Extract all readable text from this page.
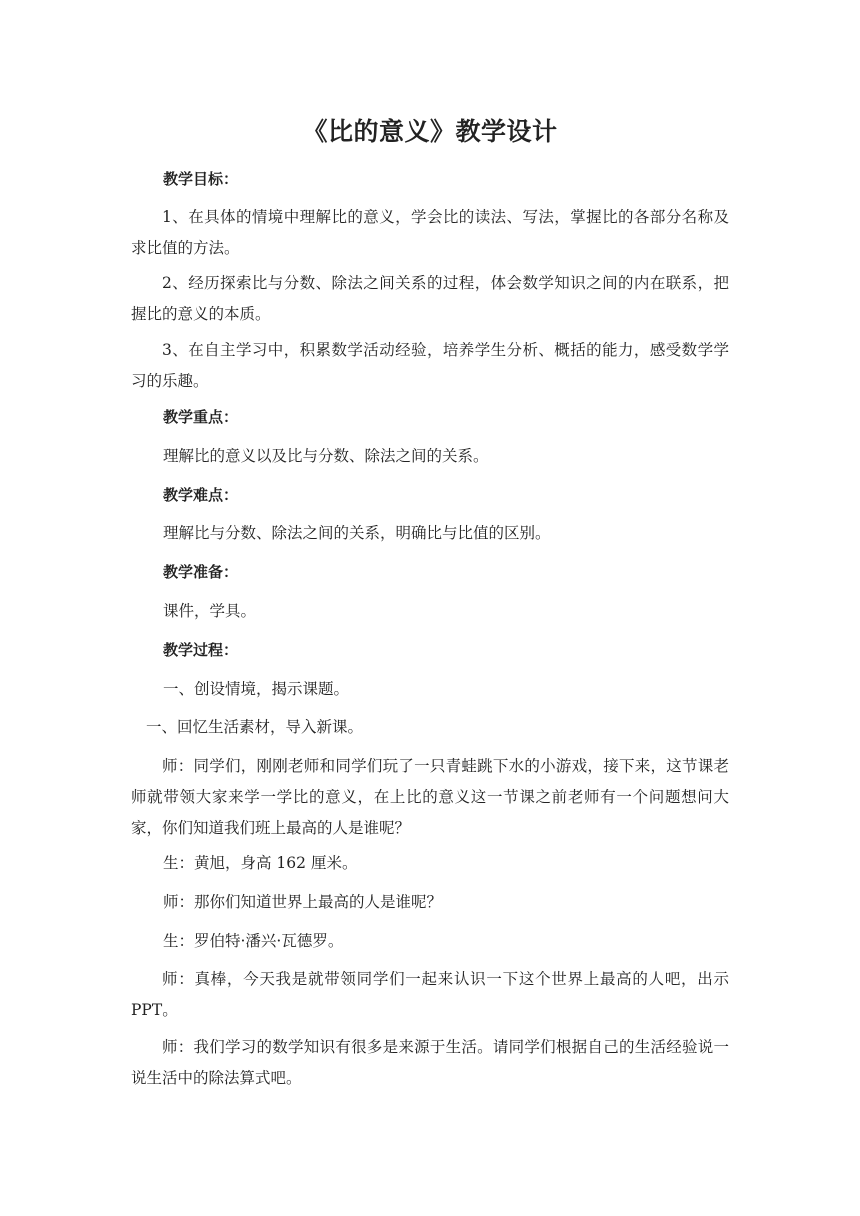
《比的意义》教学设计

教学目标：

1、在具体的情境中理解比的意义，学会比的读法、写法，掌握比的各部分名称及求比值的方法。

2、经历探索比与分数、除法之间关系的过程，体会数学知识之间的内在联系，把握比的意义的本质。

3、在自主学习中，积累数学活动经验，培养学生分析、概括的能力，感受数学学习的乐趣。

教学重点：

理解比的意义以及比与分数、除法之间的关系。

教学难点：

理解比与分数、除法之间的关系，明确比与比值的区别。

教学准备：

课件，学具。

教学过程：

一、创设情境，揭示课题。

一、回忆生活素材，导入新课。

师：同学们，刚刚老师和同学们玩了一只青蛙跳下水的小游戏，接下来，这节课老师就带领大家来学一学比的意义，在上比的意义这一节课之前老师有一个问题想问大家，你们知道我们班上最高的人是谁呢？

生：黄旭，身高 162 厘米。

师：那你们知道世界上最高的人是谁呢？

生：罗伯特·潘兴·瓦德罗。

师：真棒，今天我是就带领同学们一起来认识一下这个世界上最高的人吧，出示 PPT。

师：我们学习的数学知识有很多是来源于生活。请同学们根据自己的生活经验说一说生活中的除法算式吧。
